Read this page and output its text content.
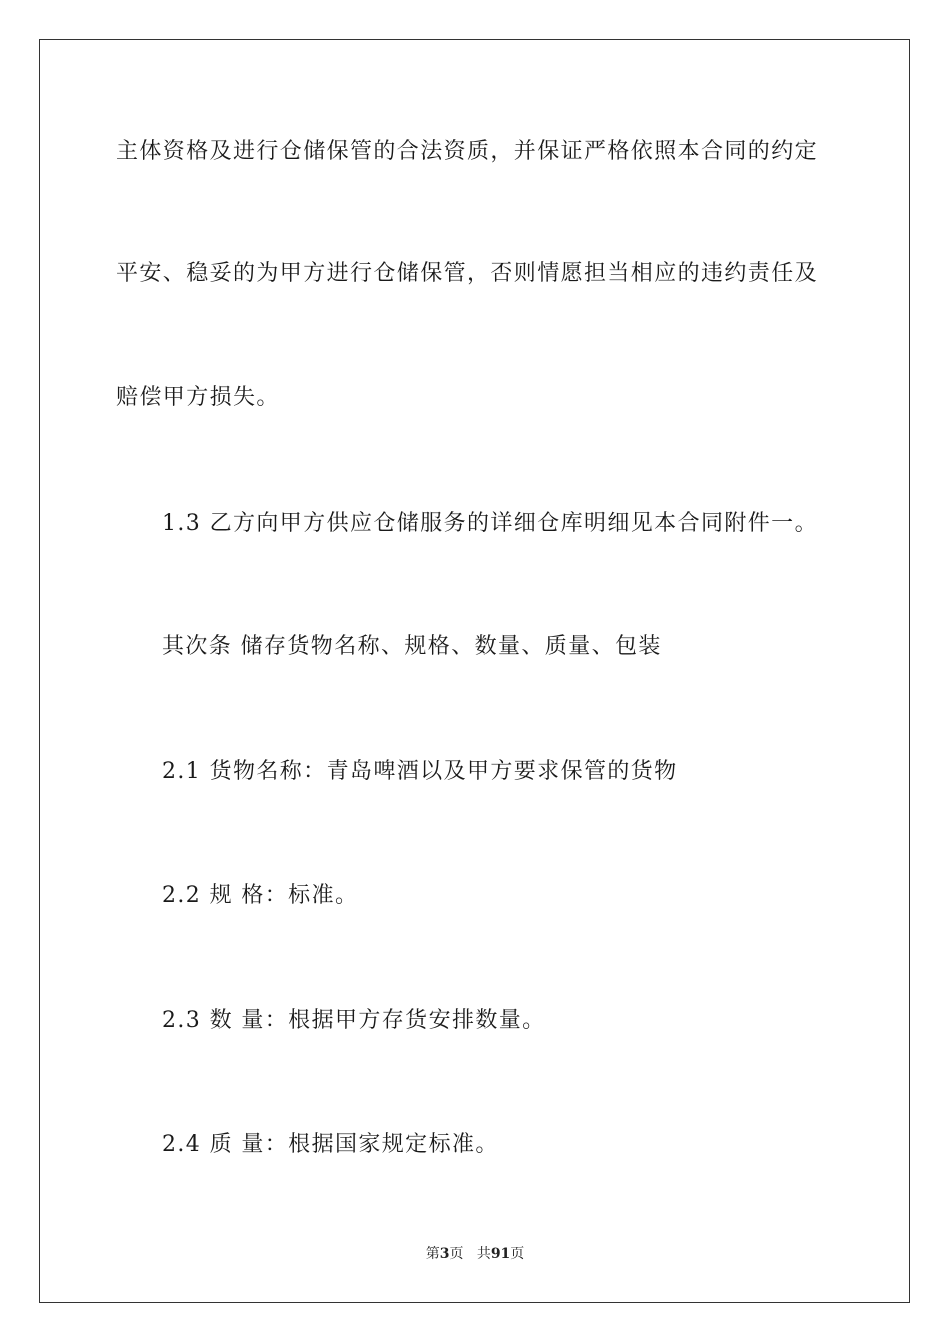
主体资格及进行仓储保管的合法资质，并保证严格依照本合同的约定
平安、稳妥的为甲方进行仓储保管，否则情愿担当相应的违约责任及
赔偿甲方损失。
1.3 乙方向甲方供应仓储服务的详细仓库明细见本合同附件一。
其次条 储存货物名称、规格、数量、质量、包装
2.1 货物名称：青岛啤酒以及甲方要求保管的货物
2.2 规 格：标准。
2.3 数 量：根据甲方存货安排数量。
2.4 质 量：根据国家规定标准。
第3页 共91页
